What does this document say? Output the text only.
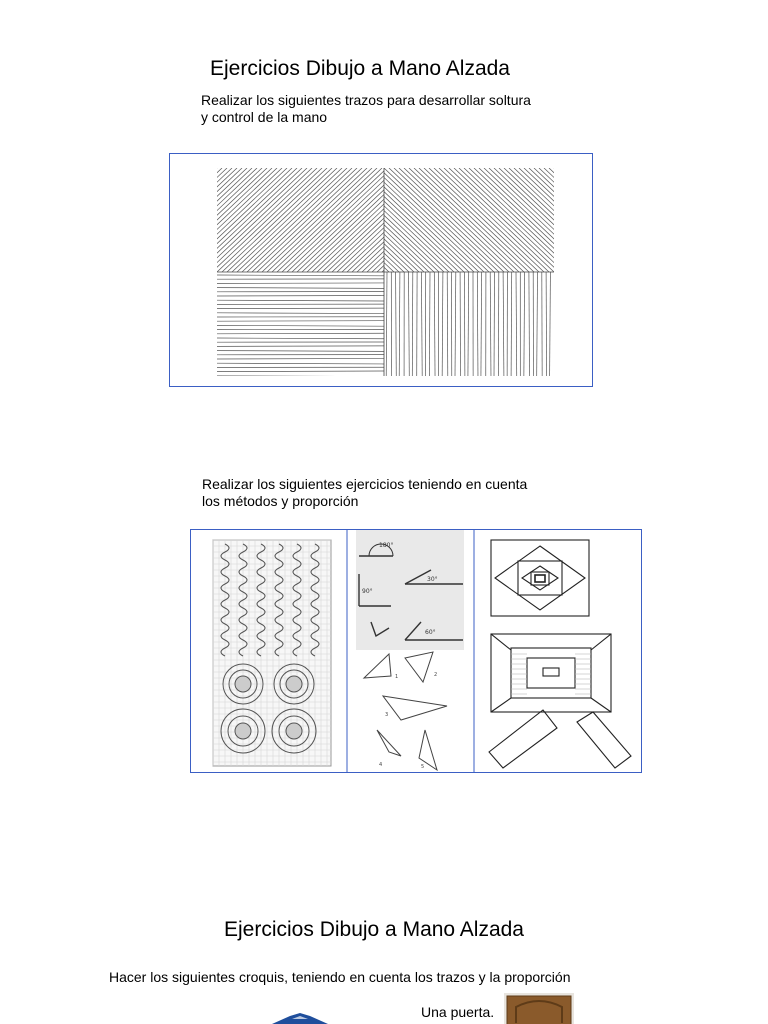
Ejercicios Dibujo a Mano Alzada
Realizar los siguientes trazos para desarrollar soltura
y control de la mano
Realizar los siguientes ejercicios teniendo en cuenta
los métodos y proporción
180°
30°
90°
60°
1	2
3
4	5
Ejercicios Dibujo a Mano Alzada
Hacer los siguientes croquis, teniendo en cuenta los trazos y la proporción
Una puerta.
